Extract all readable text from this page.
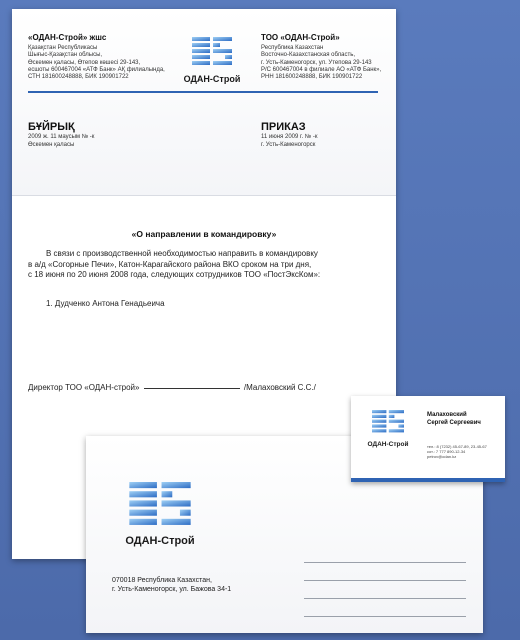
«ОДАН-Строй» жшс
Қазақстан Республикасы
Шығыс-Қазақстан облысы,
Өскемен қаласы, Өтепов көшесі 29-143,
есшоты 600467004 «АТФ Банк» АҚ филиалында,
СТН 181600248888, БИК 190901722	ОДАН-Строй
ТОО «ОДАН-Строй»
Республика Казахстан
Восточно-Казахстанская область,
г. Усть-Каменогорск, ул. Утепова 29-143
Р/С 600467004 в филиале АО «АТФ Банк»,
РНН 181600248888, БИК 190901722
БҰЙРЫҚ
2009 ж. 11 маусым № -к
Өскемен қаласы
ПРИКАЗ
11 июня 2009 г. № -к
г. Усть-Каменогорск
«О направлении в командировку»
В связи с производственной необходимостью направить в командировку
в а/д «Согорные Печи», Катон-Карагайского района ВКО сроком на три дня,
с 18 июня по 20 июня 2008 года, следующих сотрудников ТОО «ПостЭксКом»:
1. Дудченко Антона Генадьеича
Директор ТОО «ОДАН-строй»	/Малаховский С.С./
ОДАН-Строй
070018 Республика Казахстан,
г. Усть-Каменогорск, ул. Бажова 34-1
ОДАН-Строй
Малаховский
Сергей Сергеевич
тел.: 8 (7232) 45-67-89, 23-45-67
сот.: 7 777 890-12-34
petrov@odan.kz
